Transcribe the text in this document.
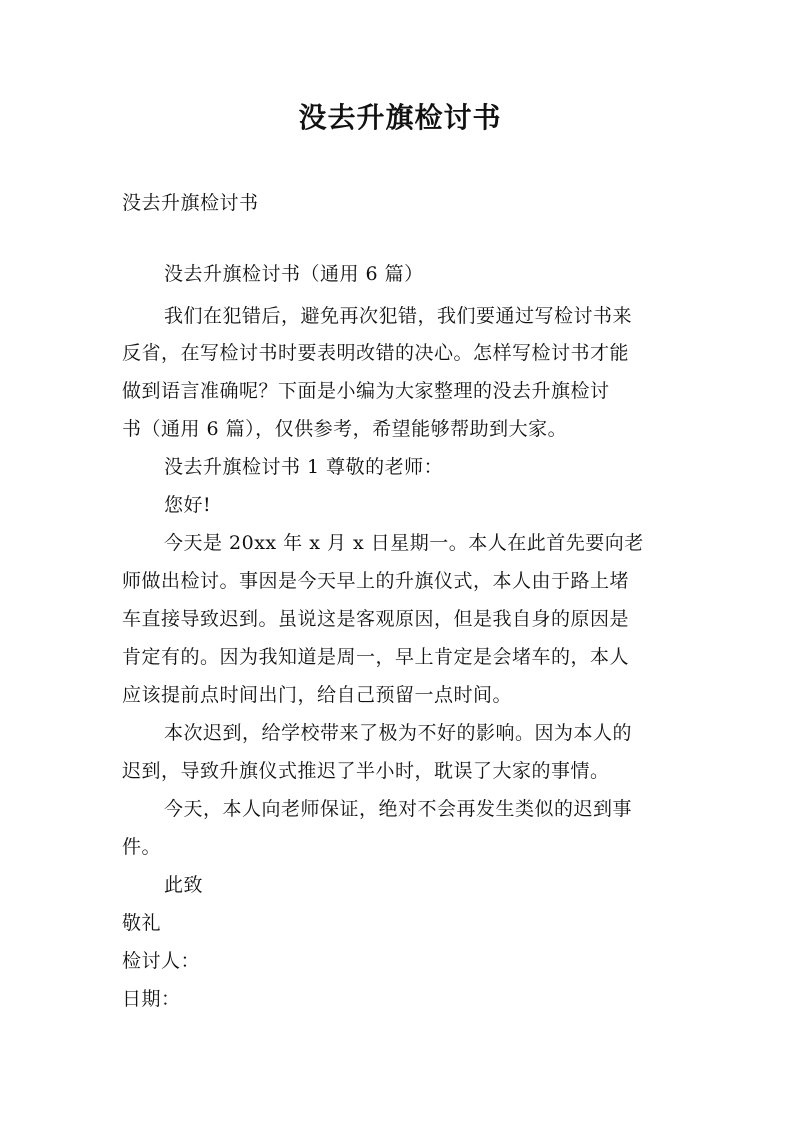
没去升旗检讨书
没去升旗检讨书
没去升旗检讨书（通用 6 篇）
我们在犯错后，避免再次犯错，我们要通过写检讨书来
反省，在写检讨书时要表明改错的决心。怎样写检讨书才能
做到语言准确呢？下面是小编为大家整理的没去升旗检讨
书（通用 6 篇），仅供参考，希望能够帮助到大家。
没去升旗检讨书 1 尊敬的老师：
您好!
今天是 20xx 年 x 月 x 日星期一。本人在此首先要向老
师做出检讨。事因是今天早上的升旗仪式，本人由于路上堵
车直接导致迟到。虽说这是客观原因，但是我自身的原因是
肯定有的。因为我知道是周一，早上肯定是会堵车的，本人
应该提前点时间出门，给自己预留一点时间。
本次迟到，给学校带来了极为不好的影响。因为本人的
迟到，导致升旗仪式推迟了半小时，耽误了大家的事情。
今天，本人向老师保证，绝对不会再发生类似的迟到事
件。
此致
敬礼
检讨人：
日期：
